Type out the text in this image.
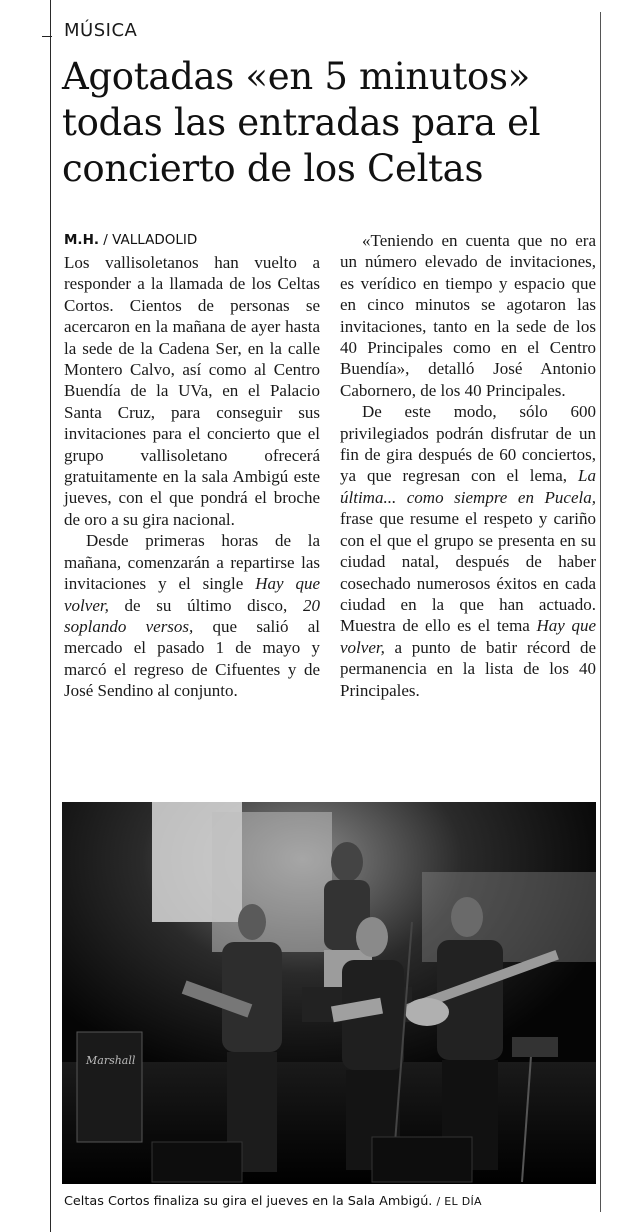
MÚSICA
Agotadas «en 5 minutos» todas las entradas para el concierto de los Celtas
M.H. / VALLADOLID

Los vallisoletanos han vuelto a responder a la llamada de los Celtas Cortos. Cientos de personas se acercaron en la mañana de ayer hasta la sede de la Cadena Ser, en la calle Montero Calvo, así como al Centro Buendía de la UVa, en el Palacio Santa Cruz, para conseguir sus invitaciones para el concierto que el grupo vallisoletano ofrecerá gratuitamente en la sala Ambigú este jueves, con el que pondrá el broche de oro a su gira nacional.

Desde primeras horas de la mañana, comenzarán a repartirse las invitaciones y el single Hay que volver, de su último disco, 20 soplando versos, que salió al mercado el pasado 1 de mayo y marcó el regreso de Cifuentes y de José Sendino al conjunto.

«Teniendo en cuenta que no era un número elevado de invitaciones, es verídico en tiempo y espacio que en cinco minutos se agotaron las invitaciones, tanto en la sede de los 40 Principales como en el Centro Buendía», detalló José Antonio Cabornero, de los 40 Principales.

De este modo, sólo 600 privilegiados podrán disfrutar de un fin de gira después de 60 conciertos, ya que regresan con el lema, La última... como siempre en Pucela, frase que resume el respeto y cariño con el que el grupo se presenta en su ciudad natal, después de haber cosechado numerosos éxitos en cada ciudad en la que han actuado. Muestra de ello es el tema Hay que volver, a punto de batir récord de permanencia en la lista de los 40 Principales.

Marshall
Celtas Cortos finaliza su gira el jueves en la Sala Ambigú. / EL DÍA
